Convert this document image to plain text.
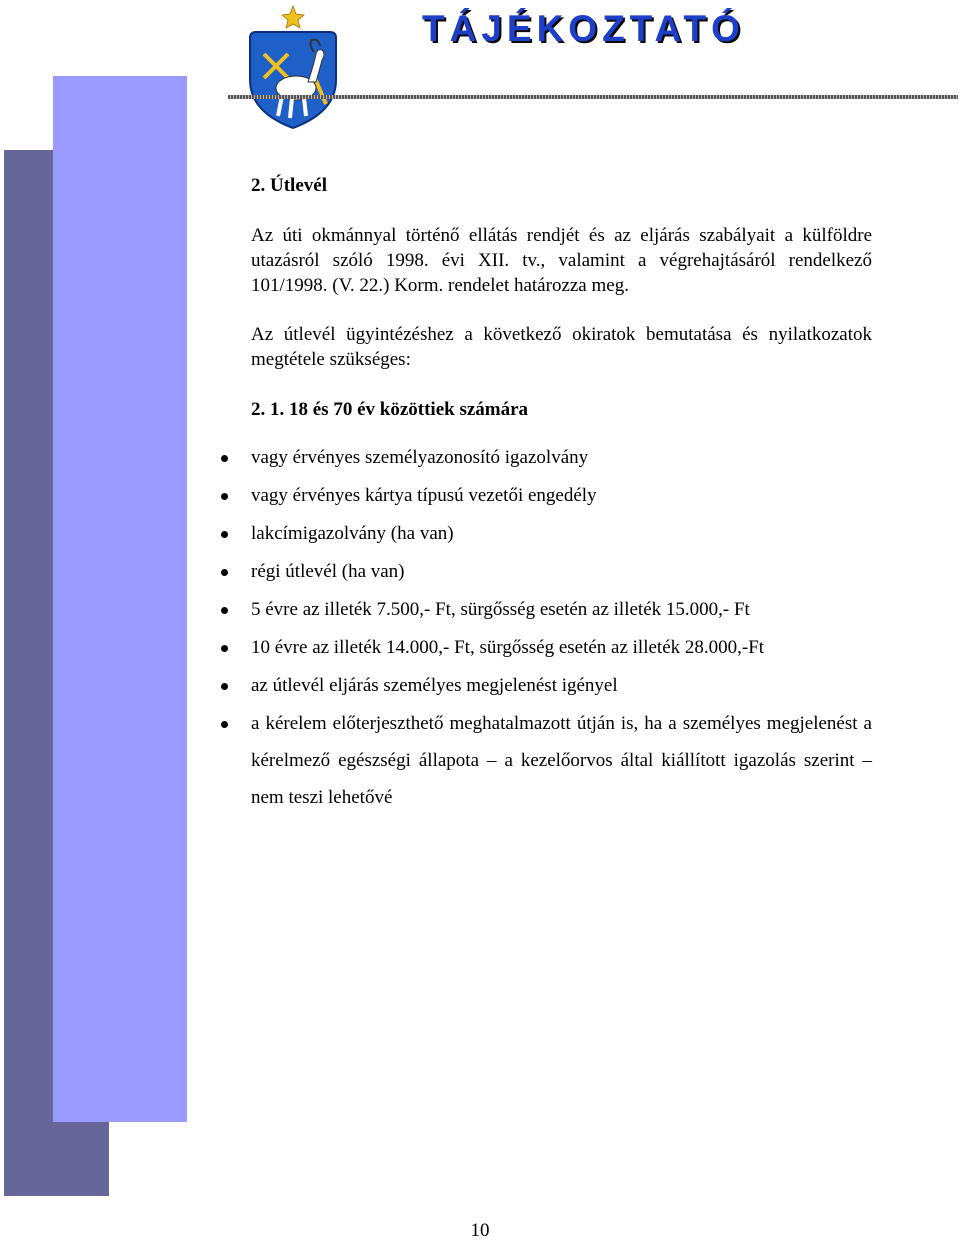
TÁJÉKOZTATÓ

2. Útlevél

Az úti okmánnyal történő ellátás rendjét és az eljárás szabályait a külföldre utazásról szóló 1998. évi XII. tv., valamint a végrehajtásáról rendelkező 101/1998. (V. 22.) Korm. rendelet határozza meg.

Az útlevél ügyintézéshez a következő okiratok bemutatása és nyilatkozatok megtétele szükséges:

2. 1. 18 és 70 év közöttiek számára

vagy érvényes személyazonosító igazolvány
vagy érvényes kártya típusú vezetői engedély
lakcímigazolvány (ha van)
régi útlevél (ha van)
5 évre az illeték 7.500,- Ft, sürgősség esetén az illeték 15.000,- Ft
10 évre az illeték 14.000,- Ft, sürgősség esetén az illeték 28.000,-Ft
az útlevél eljárás személyes megjelenést igényel
a kérelem előterjeszthető meghatalmazott útján is, ha a személyes megjelenést a kérelmező egészségi állapota – a kezelőorvos által kiállított igazolás szerint – nem teszi lehetővé
10
